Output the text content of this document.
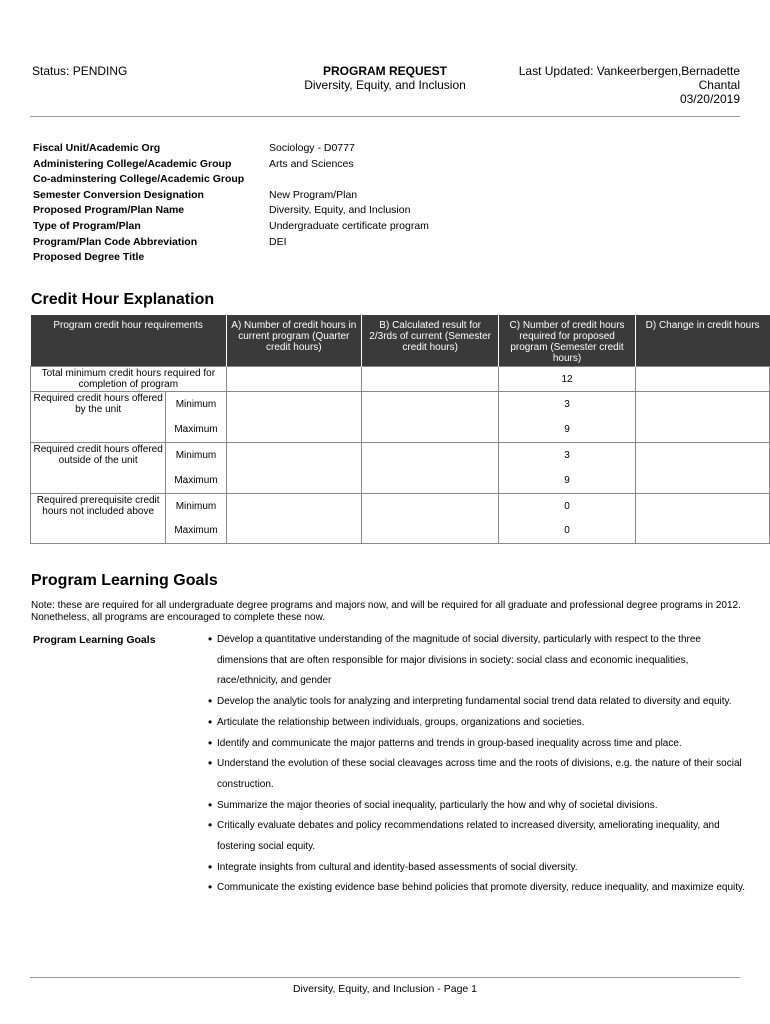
Status: PENDING	PROGRAM REQUEST
Diversity, Equity, and Inclusion
Last Updated: Vankeerbergen,Bernadette
Chantal
03/20/2019
Fiscal Unit/Academic Org	Sociology - D0777
Administering College/Academic Group	Arts and Sciences
Co-adminstering College/Academic Group
Semester Conversion Designation	New Program/Plan
Proposed Program/Plan Name	Diversity, Equity, and Inclusion
Type of Program/Plan	Undergraduate certificate program
Program/Plan Code Abbreviation	DEI
Proposed Degree Title
Credit Hour Explanation
Program credit hour requirements		A) Number of credit hours in current program (Quarter credit hours)	B) Calculated result for 2/3rds of current (Semester credit hours)	C) Number of credit hours required for proposed program (Semester credit hours)	D) Change in credit hours
Total minimum credit hours required for completion of program				12	
Required credit hours offered by the unit	Minimum			3	
	Maximum			9	
Required credit hours offered outside of the unit	Minimum			3	
	Maximum			9	
Required prerequisite credit hours not included above	Minimum			0	
	Maximum			0	
Program Learning Goals
Note: these are required for all undergraduate degree programs and majors now, and will be required for all graduate and professional degree programs in 2012. Nonetheless, all programs are encouraged to complete these now.
Program Learning Goals	• Develop a quantitative understanding of the magnitude of social diversity, particularly with respect to the three dimensions that are often responsible for major divisions in society: social class and economic inequalities, race/ethnicity, and gender
• Develop the analytic tools for analyzing and interpreting fundamental social trend data related to diversity and equity.
• Articulate the relationship between individuals, groups, organizations and societies.
• Identify and communicate the major patterns and trends in group-based inequality across time and place.
• Understand the evolution of these social cleavages across time and the roots of divisions, e.g. the nature of their social construction.
• Summarize the major theories of social inequality, particularly the how and why of societal divisions.
• Critically evaluate debates and policy recommendations related to increased diversity, ameliorating inequality, and fostering social equity.
• Integrate insights from cultural and identity-based assessments of social diversity.
• Communicate the existing evidence base behind policies that promote diversity, reduce inequality, and maximize equity.
Diversity, Equity, and Inclusion - Page 1
